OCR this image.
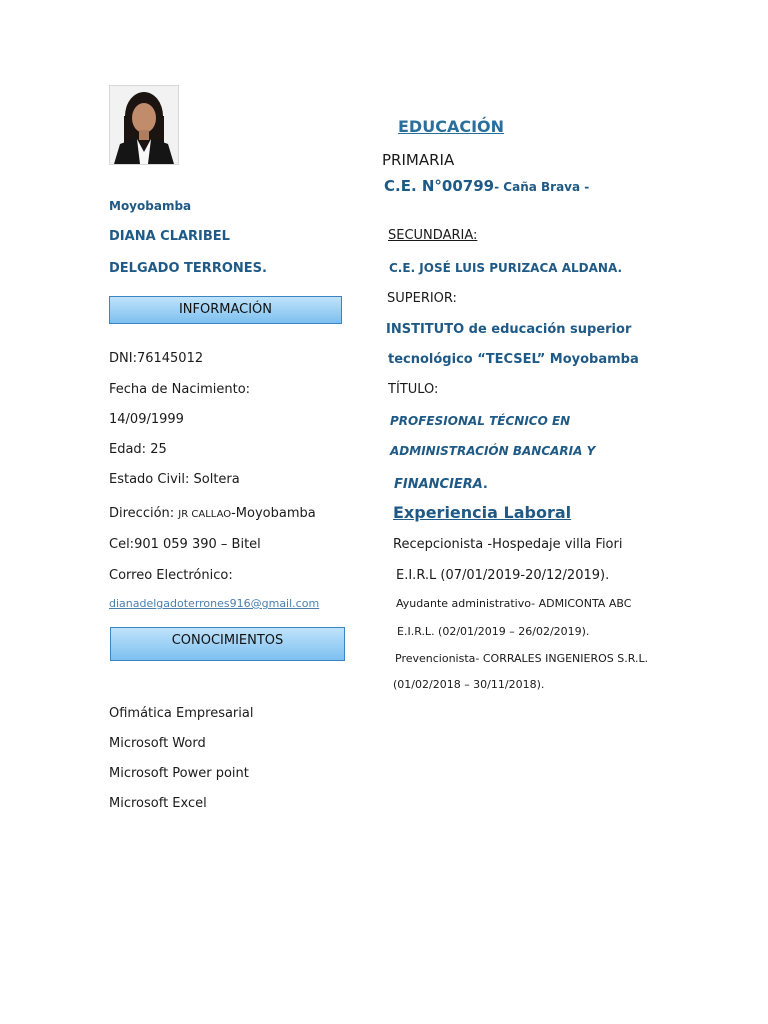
Moyobamba
DIANA CLARIBEL
DELGADO TERRONES.
INFORMACIÓN
DNI:76145012
Fecha de Nacimiento:
14/09/1999
Edad: 25
Estado Civil: Soltera
Dirección: JR CALLAO-Moyobamba
Cel:901 059 390 – Bitel
Correo Electrónico:
dianadelgadoterrones916@gmail.com
CONOCIMIENTOS
Ofimática Empresarial
Microsoft Word
Microsoft Power point
Microsoft Excel
EDUCACIÓN
PRIMARIA
C.E. N°00799- Caña Brava -
SECUNDARIA:
C.E. JOSÉ LUIS PURIZACA ALDANA.
SUPERIOR:
INSTITUTO de educación superior
tecnológico “TECSEL” Moyobamba
TÍTULO:
PROFESIONAL TÉCNICO EN
ADMINISTRACIÓN BANCARIA Y
FINANCIERA.
Experiencia Laboral
Recepcionista -Hospedaje villa Fiori
E.I.R.L (07/01/2019-20/12/2019).
Ayudante administrativo- ADMICONTA ABC
E.I.R.L. (02/01/2019 – 26/02/2019).
Prevencionista- CORRALES INGENIEROS S.R.L.
(01/02/2018 – 30/11/2018).
